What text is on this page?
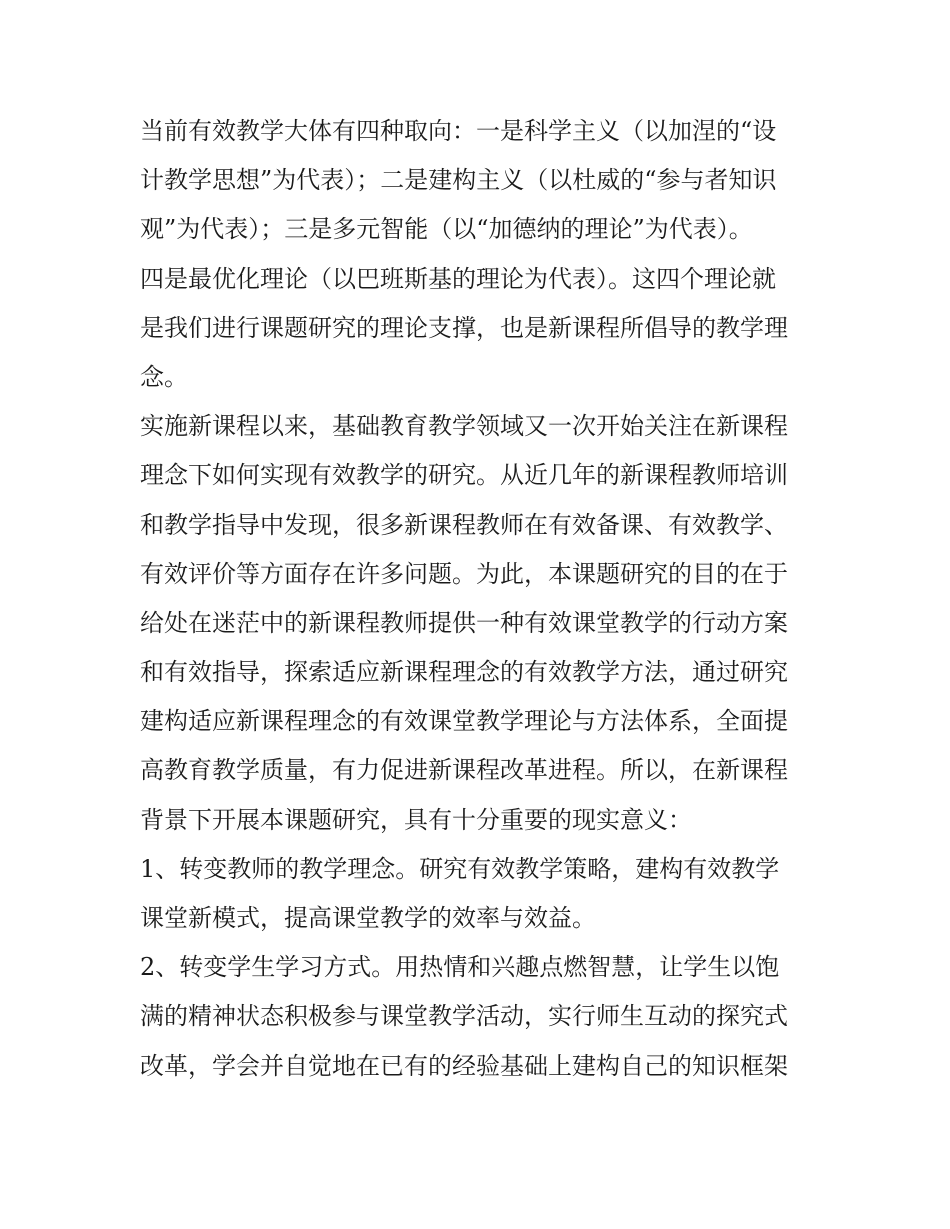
当前有效教学大体有四种取向：一是科学主义（以加涅的“设
计教学思想”为代表）；二是建构主义（以杜威的“参与者知识
观”为代表）；三是多元智能（以“加德纳的理论”为代表）。
四是最优化理论（以巴班斯基的理论为代表）。这四个理论就
是我们进行课题研究的理论支撑，也是新课程所倡导的教学理
念。
实施新课程以来，基础教育教学领域又一次开始关注在新课程
理念下如何实现有效教学的研究。从近几年的新课程教师培训
和教学指导中发现，很多新课程教师在有效备课、有效教学、
有效评价等方面存在许多问题。为此，本课题研究的目的在于
给处在迷茫中的新课程教师提供一种有效课堂教学的行动方案
和有效指导，探索适应新课程理念的有效教学方法，通过研究
建构适应新课程理念的有效课堂教学理论与方法体系，全面提
高教育教学质量，有力促进新课程改革进程。所以，在新课程
背景下开展本课题研究，具有十分重要的现实意义：
1、转变教师的教学理念。研究有效教学策略，建构有效教学
课堂新模式，提高课堂教学的效率与效益。
2、转变学生学习方式。用热情和兴趣点燃智慧，让学生以饱
满的精神状态积极参与课堂教学活动，实行师生互动的探究式
改革，学会并自觉地在已有的经验基础上建构自己的知识框架
